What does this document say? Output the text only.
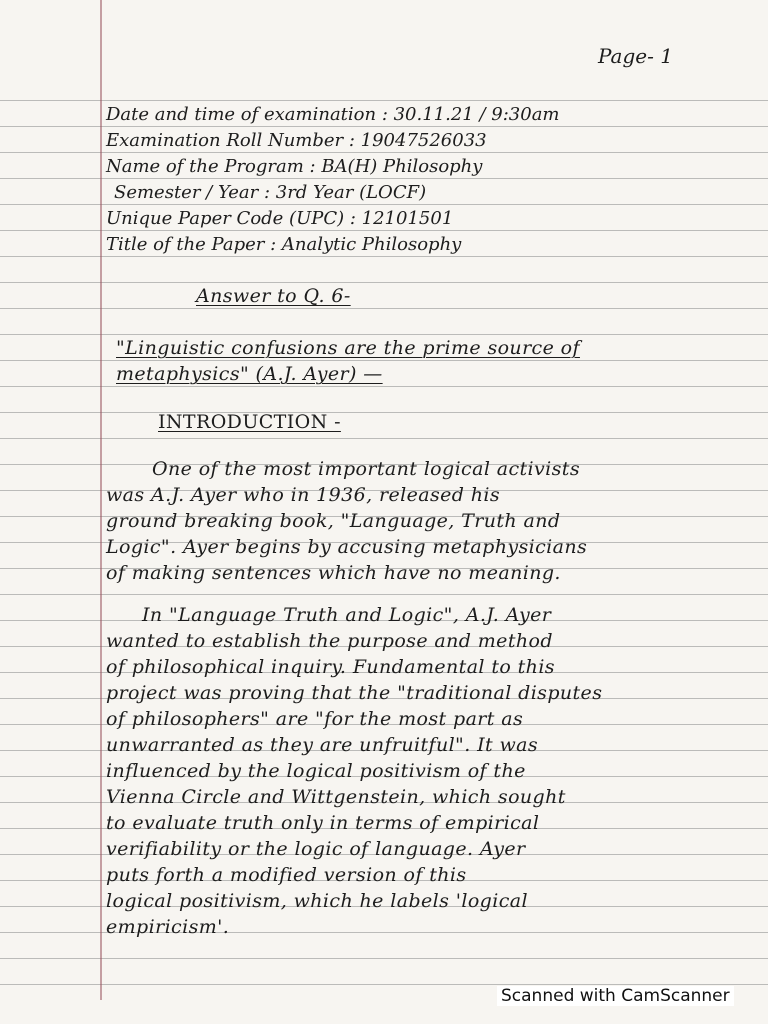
Page- 1
Date and time of examination : 30.11.21 / 9:30am
Examination Roll Number : 19047526033
Name of the Program : BA(H) Philosophy
Semester / Year : 3rd Year (LOCF)
Unique Paper Code (UPC) : 12101501
Title of the Paper : Analytic Philosophy
Answer to Q. 6-
"Linguistic confusions are the prime source of
metaphysics" (A.J. Ayer) —
INTRODUCTION -
One of the most important logical activists
was A.J. Ayer who in 1936, released his
ground breaking book, "Language, Truth and
Logic". Ayer begins by accusing metaphysicians
of making sentences which have no meaning.
In "Language Truth and Logic", A.J. Ayer
wanted to establish the purpose and method
of philosophical inquiry. Fundamental to this
project was proving that the "traditional disputes
of philosophers" are "for the most part as
unwarranted as they are unfruitful". It was
influenced by the logical positivism of the
Vienna Circle and Wittgenstein, which sought
to evaluate truth only in terms of empirical
verifiability or the logic of language. Ayer
puts forth a modified version of this
logical positivism, which he labels 'logical
empiricism'.
Scanned with CamScanner
